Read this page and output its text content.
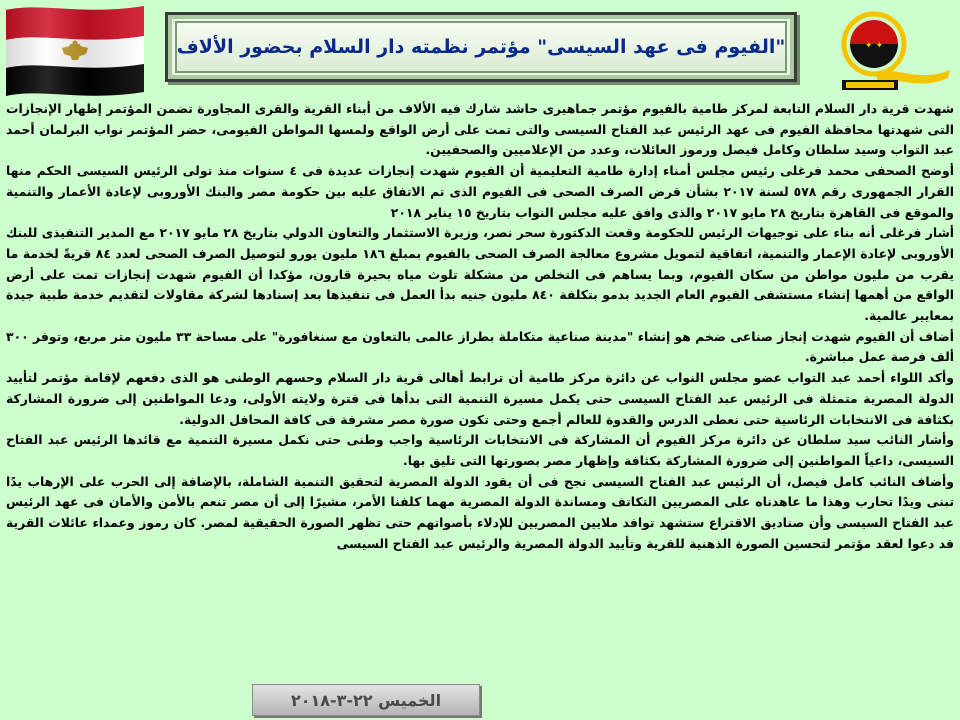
✦ ✦
"الفيوم فى عهد السيسى" مؤتمر نظمته دار السلام بحضور الألاف

شهدت قرية دار السلام التابعة لمركز طامية بالفيوم مؤتمر جماهيرى حاشد شارك فيه الألاف من أبناء القرية والقرى المجاورة تضمن المؤتمر إظهار الإنجازات التى شهدتها محافظة الفيوم فى عهد الرئيس عبد الفتاح السيسى والتى تمت على أرض الواقع ولمسها المواطن الفيومى، حضر المؤتمر نواب البرلمان أحمد عبد التواب وسيد سلطان وكامل فيصل ورموز العائلات، وعدد من الإعلاميين والصحفيين.

أوضح الصحفى محمد فرغلى رئيس مجلس أمناء إدارة طامية التعليمية أن الفيوم شهدت إنجازات عديدة فى ٤ سنوات منذ تولى الرئيس السيسى الحكم منها القرار الجمهورى رقم ٥٧٨ لسنة ٢٠١٧ بشأن قرض الصرف الصحى فى الفيوم الذى تم الاتفاق عليه بين حكومة مصر والبنك الأوروبى لإعادة الأعمار والتنمية والموقع فى القاهرة بتاريخ ٢٨ مايو ٢٠١٧ والذى وافق عليه مجلس النواب بتاريخ ١٥ يناير ٢٠١٨

أشار فرغلى أنه بناء على توجيهات الرئيس للحكومة وقعت الدكتورة سحر نصر، وزيرة الاستثمار والتعاون الدولي بتاريخ ٢٨ مايو ٢٠١٧ مع المدير التنفيذى للبنك الأوروبى لإعادة الإعمار والتنمية، اتفاقية لتمويل مشروع معالجة الصرف الصحى بالفيوم بمبلغ ١٨٦ مليون يورو لتوصيل الصرف الصحى لعدد ٨٤ قريةً لخدمة ما يقرب من مليون مواطن من سكان الفيوم، وبما يساهم فى التخلص من مشكلة تلوث مياه بحيرة قارون، مؤكدا أن الفيوم شهدت إنجازات تمت على أرض الواقع من أهمها إنشاء مستشفى الفيوم العام الجديد بدمو بتكلفة ٨٤٠ مليون جنيه بدأ العمل فى تنفيذها بعد إسنادها لشركة مقاولات لتقديم خدمة طبية جيدة بمعايير عالمية.

أضاف أن الفيوم شهدت إنجاز صناعى ضخم هو إنشاء "مدينة صناعية متكاملة بطراز عالمى بالتعاون مع سنغافورة" على مساحة ٣٣ مليون متر مربع، وتوفر ٣٠٠ ألف فرصة عمل مباشرة.

وأكد اللواء أحمد عبد التواب عضو مجلس النواب عن دائرة مركز طامية أن ترابط أهالى قرية دار السلام وحسهم الوطنى هو الذى دفعهم لإقامة مؤتمر لتأييد الدولة المصرية متمثلة فى الرئيس عبد الفتاح السيسى حتى يكمل مسيرة التنمية التى بدأها فى فترة ولايته الأولى، ودعا المواطنين إلى ضرورة المشاركة بكثافة فى الانتخابات الرئاسية حتى نعطى الدرس والقدوة للعالم أجمع وحتى تكون صورة مصر مشرفة فى كافة المحافل الدولية.

وأشار النائب سيد سلطان عن دائرة مركز الفيوم أن المشاركة فى الانتخابات الرئاسية واجب وطنى حتى نكمل مسيرة التنمية مع قائدها الرئيس عبد الفتاح السيسى، داعياً المواطنين إلى ضرورة المشاركة بكثافة وإظهار مصر بصورتها التى تليق بها.

وأضاف النائب كامل فيصل، أن الرئيس عبد الفتاح السيسى نجح فى أن يقود الدولة المصرية لتحقيق التنمية الشاملة، بالإضافة إلى الحرب على الإرهاب يدًا تبنى ويدًا تحارب وهذا ما عاهدناه على المصريين التكاتف ومساندة الدولة المصرية مهما كلفنا الأمر، مشيرًا إلى أن مصر تنعم بالأمن والأمان فى عهد الرئيس عبد الفتاح السيسى وأن صناديق الاقتراع ستشهد توافد ملايين المصريين للإدلاء بأصواتهم حتى تظهر الصورة الحقيقية لمصر. كان رموز وعمداء عائلات القرية قد دعوا لعقد مؤتمر لتحسين الصورة الذهنية للقرية وتأييد الدولة المصرية والرئيس عبد الفتاح السيسى

الخميس ٢٢-٣-٢٠١٨
